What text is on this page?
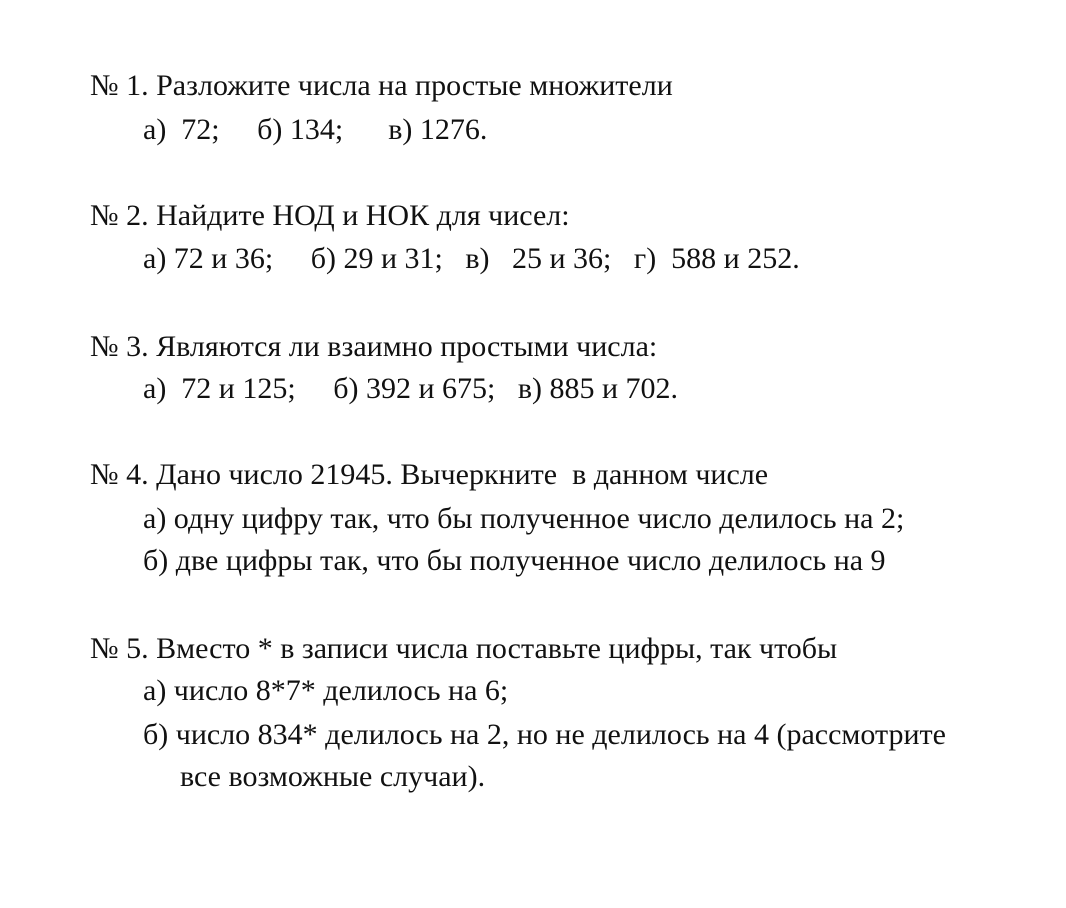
№ 1. Разложите числа на простые множители
а)  72;     б) 134;      в) 1276.
№ 2. Найдите НОД и НОК для чисел:
а) 72 и 36;     б) 29 и 31;   в)   25 и 36;   г)  588 и 252.
№ 3. Являются ли взаимно простыми числа:
а)  72 и 125;     б) 392 и 675;   в) 885 и 702.
№ 4. Дано число 21945. Вычеркните  в данном числе
а) одну цифру так, что бы полученное число делилось на 2;
б) две цифры так, что бы полученное число делилось на 9
№ 5. Вместо * в записи числа поставьте цифры, так чтобы
а) число 8*7* делилось на 6;
б) число 834* делилось на 2, но не делилось на 4 (рассмотрите
все возможные случаи).
